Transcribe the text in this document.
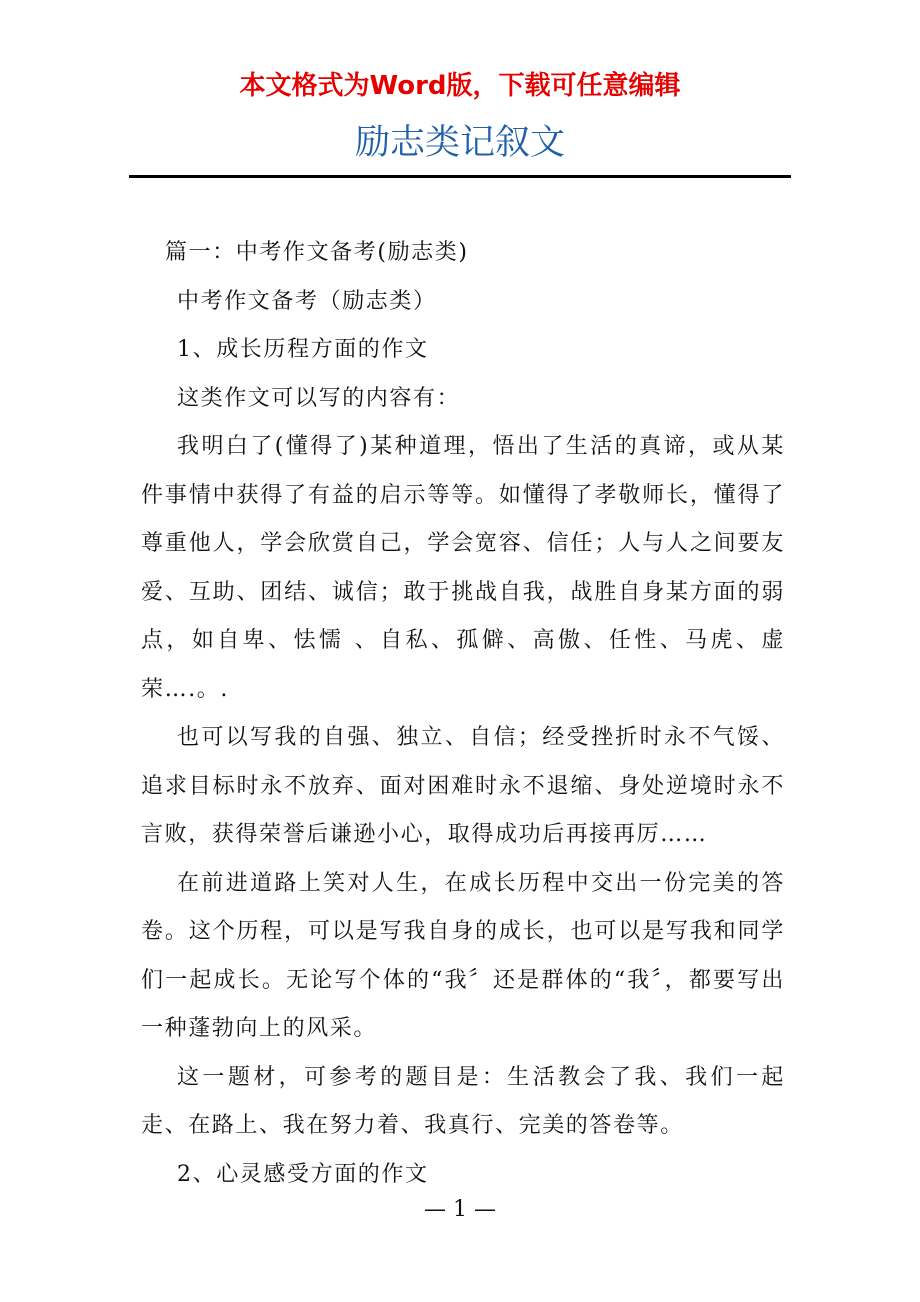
本文格式为Word版，下载可任意编辑
励志类记叙文

篇一：中考作文备考(励志类)

中考作文备考（励志类）

1、成长历程方面的作文

这类作文可以写的内容有：

我明白了(懂得了)某种道理，悟出了生活的真谛，或从某件事情中获得了有益的启示等等。如懂得了孝敬师长，懂得了尊重他人，学会欣赏自己，学会宽容、信任；人与人之间要友爱、互助、团结、诚信；敢于挑战自我，战胜自身某方面的弱点，如自卑、怯懦 、自私、孤僻、高傲、任性、马虎、虚荣….。.

也可以写我的自强、独立、自信；经受挫折时永不气馁、追求目标时永不放弃、面对困难时永不退缩、身处逆境时永不言败，获得荣誉后谦逊小心，取得成功后再接再厉……

在前进道路上笑对人生，在成长历程中交出一份完美的答卷。这个历程，可以是写我自身的成长，也可以是写我和同学们一起成长。无论写个体的“我〞还是群体的“我〞，都要写出一种蓬勃向上的风采。

这一题材，可参考的题目是：生活教会了我、我们一起走、在路上、我在努力着、我真行、完美的答卷等。

2、心灵感受方面的作文

— 1 —
